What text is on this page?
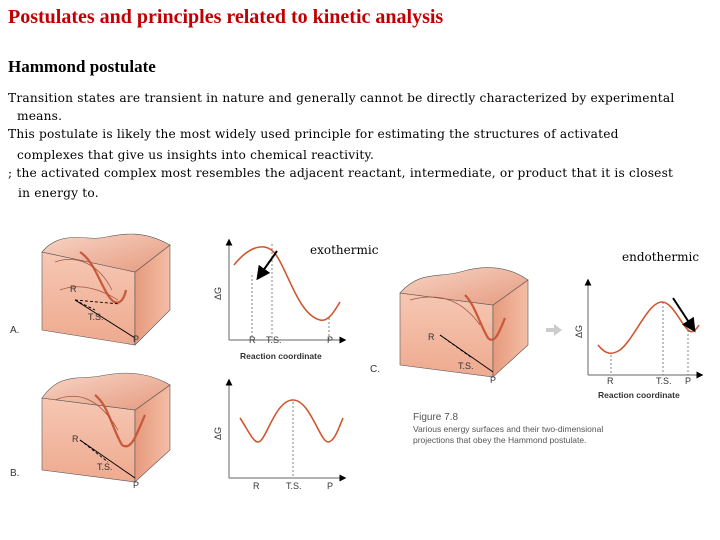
Postulates and principles related to kinetic analysis
Hammond postulate
Transition states are transient in nature and generally cannot be directly characterized by experimental
means.
This postulate is likely the most widely used principle for estimating the structures of activated
complexes that give us insights into chemical reactivity.
; the activated complex most resembles the adjacent reactant, intermediate, or product that it is closest
in energy to.
R
T.S.
P
A.
R
T.S.
P
B.
ΔG
R T.S.	P
Reaction coordinate
ΔG
R	T.S.	P
R
T.S.
P
C.
ΔG
R	T.S. P
Reaction coordinate
Figure 7.8
Various energy surfaces and their two-dimensional
projections that obey the Hammond postulate.
exothermic	endothermic
